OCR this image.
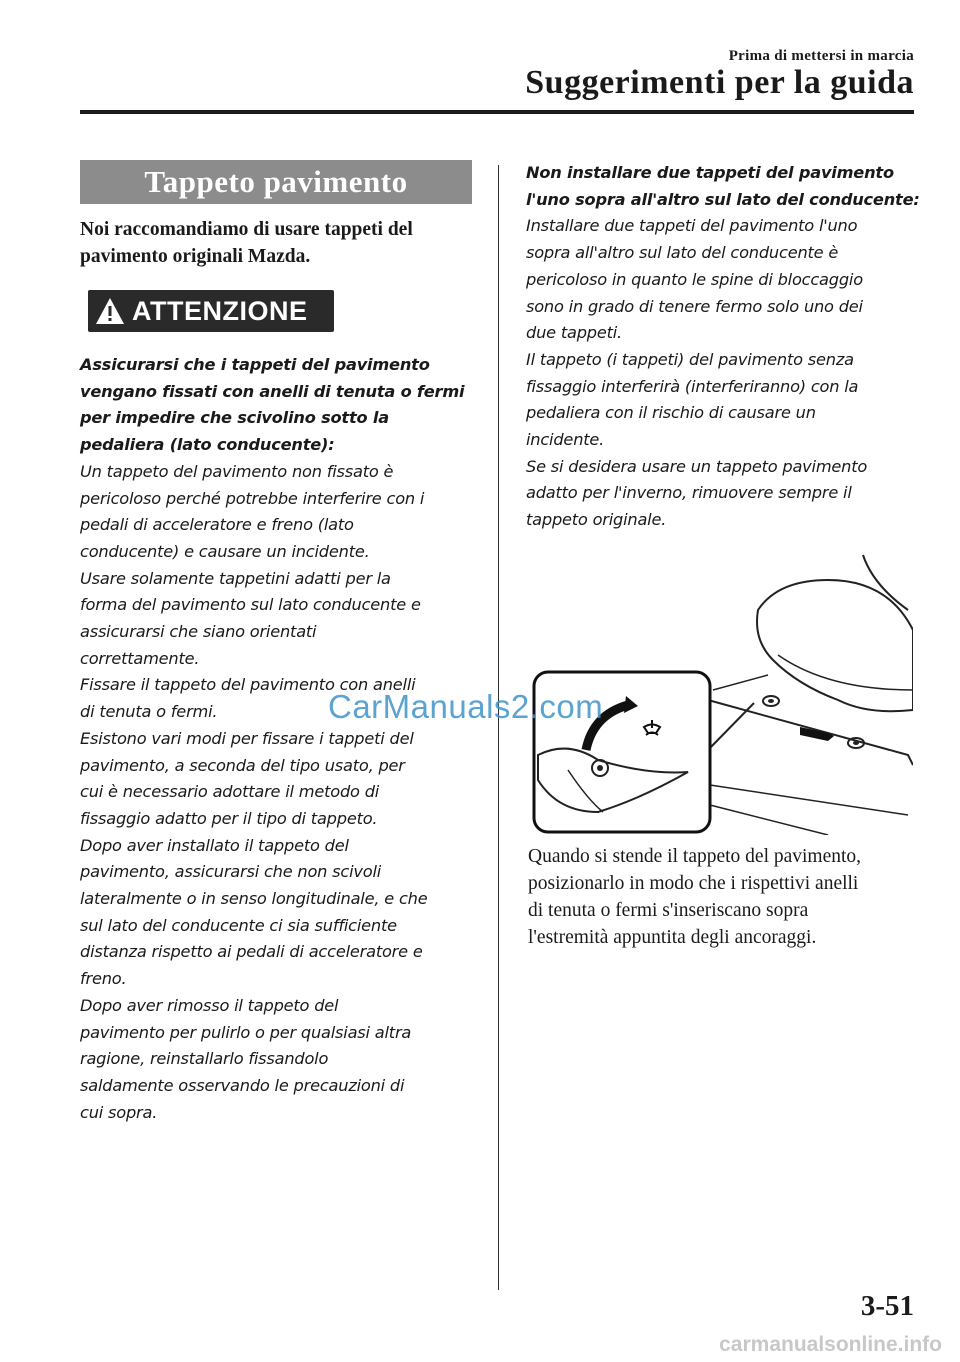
Prima di mettersi in marcia
Suggerimenti per la guida
Tappeto pavimento

Noi raccomandiamo di usare tappeti del pavimento originali Mazda.

ATTENZIONE

Assicurarsi che i tappeti del pavimento

vengano fissati con anelli di tenuta o fermi

per impedire che scivolino sotto la

pedaliera (lato conducente):

Un tappeto del pavimento non fissato è

pericoloso perché potrebbe interferire con i

pedali di acceleratore e freno (lato

conducente) e causare un incidente.

Usare solamente tappetini adatti per la

forma del pavimento sul lato conducente e

assicurarsi che siano orientati

correttamente.

Fissare il tappeto del pavimento con anelli

di tenuta o fermi.

Esistono vari modi per fissare i tappeti del

pavimento, a seconda del tipo usato, per

cui è necessario adottare il metodo di

fissaggio adatto per il tipo di tappeto.

Dopo aver installato il tappeto del

pavimento, assicurarsi che non scivoli

lateralmente o in senso longitudinale, e che

sul lato del conducente ci sia sufficiente

distanza rispetto ai pedali di acceleratore e

freno.

Dopo aver rimosso il tappeto del

pavimento per pulirlo o per qualsiasi altra

ragione, reinstallarlo fissandolo

saldamente osservando le precauzioni di

cui sopra.

Non installare due tappeti del pavimento

l'uno sopra all'altro sul lato del conducente:

Installare due tappeti del pavimento l'uno

sopra all'altro sul lato del conducente è

pericoloso in quanto le spine di bloccaggio

sono in grado di tenere fermo solo uno dei

due tappeti.

Il tappeto (i tappeti) del pavimento senza

fissaggio interferirà (interferiranno) con la

pedaliera con il rischio di causare un

incidente.

Se si desidera usare un tappeto pavimento

adatto per l'inverno, rimuovere sempre il

tappeto originale.

Quando si stende il tappeto del pavimento,

posizionarlo in modo che i rispettivi anelli

di tenuta o fermi s'inseriscano sopra

l'estremità appuntita degli ancoraggi.

CarManuals2.com
3-51
carmanualsonline.info
